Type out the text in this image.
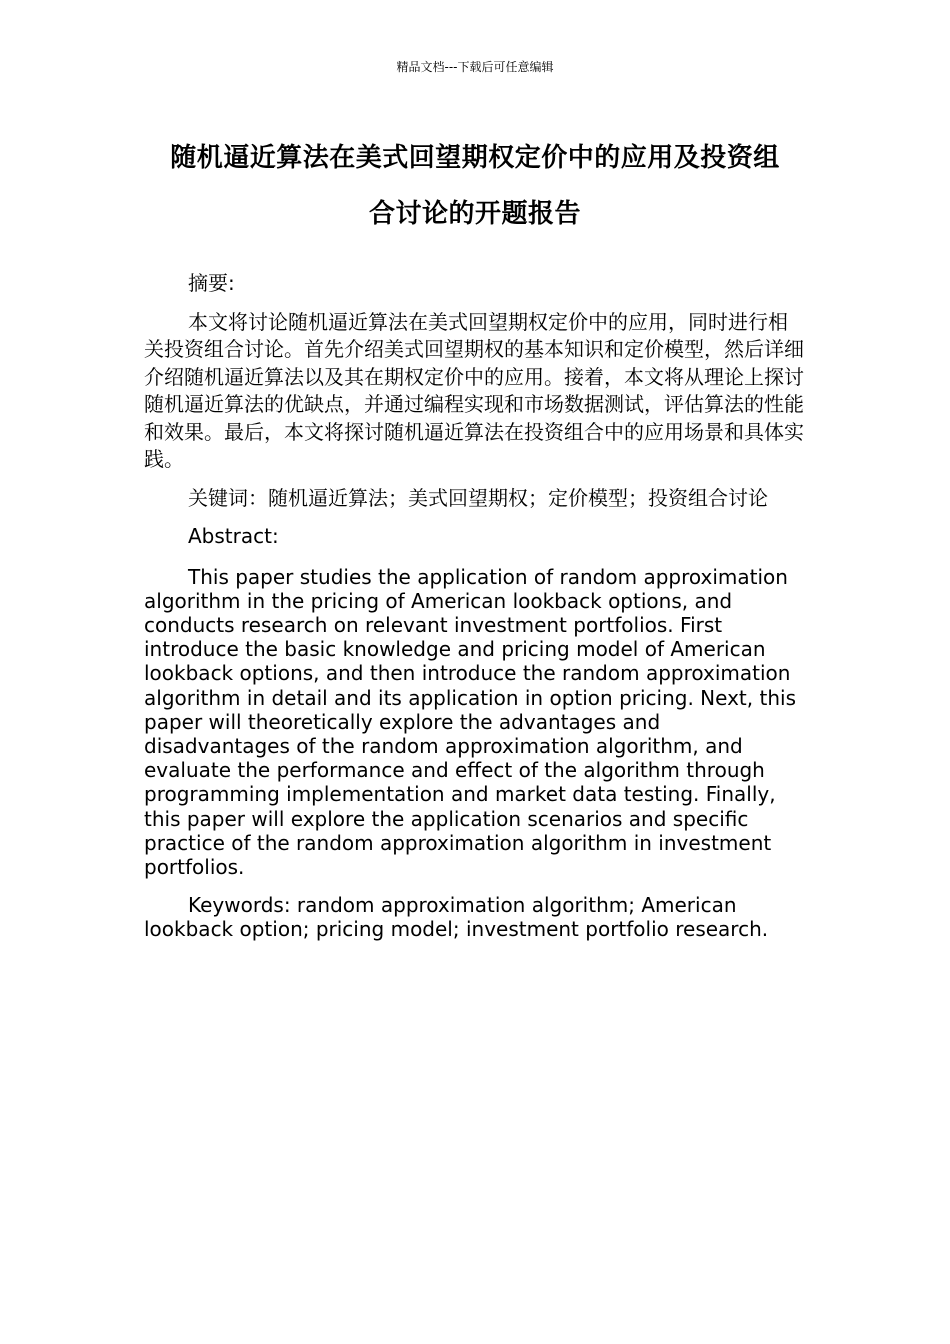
精品文档---下载后可任意编辑
随机逼近算法在美式回望期权定价中的应用及投资组
合讨论的开题报告

摘要:

本文将讨论随机逼近算法在美式回望期权定价中的应用，同时进行相关投资组合讨论。首先介绍美式回望期权的基本知识和定价模型，然后详细介绍随机逼近算法以及其在期权定价中的应用。接着，本文将从理论上探讨随机逼近算法的优缺点，并通过编程实现和市场数据测试，评估算法的性能和效果。最后，本文将探讨随机逼近算法在投资组合中的应用场景和具体实践。

关键词：随机逼近算法；美式回望期权；定价模型；投资组合讨论

Abstract:

This paper studies the application of random approximation algorithm in the pricing of American lookback options, and conducts research on relevant investment portfolios. First introduce the basic knowledge and pricing model of American lookback options, and then introduce the random approximation algorithm in detail and its application in option pricing. Next, this paper will theoretically explore the advantages and disadvantages of the random approximation algorithm, and evaluate the performance and effect of the algorithm through programming implementation and market data testing. Finally, this paper will explore the application scenarios and specific practice of the random approximation algorithm in investment portfolios.

Keywords: random approximation algorithm; American lookback option; pricing model; investment portfolio research.
